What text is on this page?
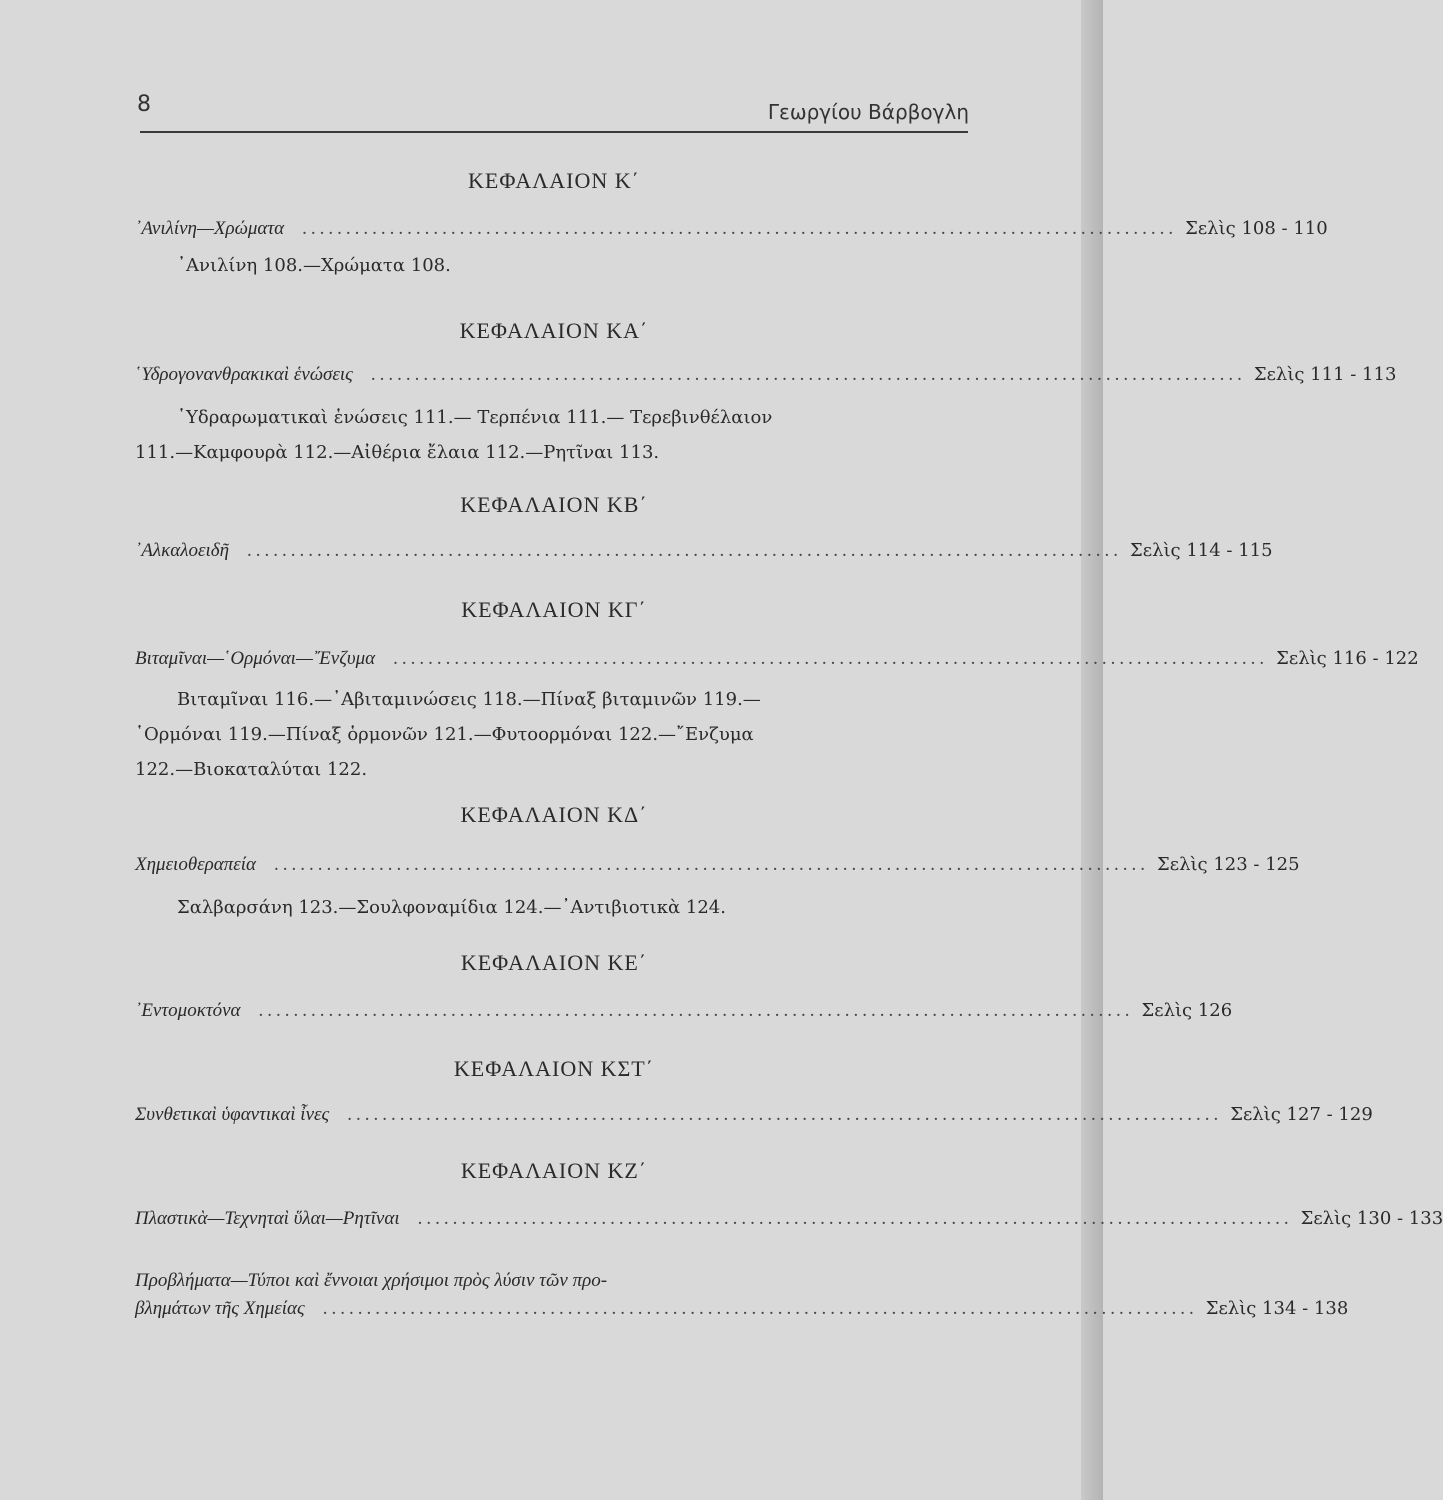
8	Γεωργίου Βάρβογλη
ΚΕΦΑΛΑΙΟΝ Κ΄
᾿Ανιλίνη—Χρώματα .................................................................................................... Σελὶς 108 - 110
᾿Ανιλίνη 108.—Χρώματα 108.
ΚΕΦΑΛΑΙΟΝ ΚΑ΄
῾Υδρογονανθρακικαὶ ἑνώσεις .................................................................................................... Σελὶς 111 - 113
῾Υδραρωματικαὶ ἑνώσεις 111.— Τερπένια 111.— Τερεβινθέλαιον
111.—Καμφουρὰ 112.—Αἰθέρια ἔλαια 112.—Ρητῖναι 113.
ΚΕΦΑΛΑΙΟΝ ΚΒ΄
᾿Αλκαλοειδῆ .................................................................................................... Σελὶς 114 - 115
ΚΕΦΑΛΑΙΟΝ ΚΓ΄
Βιταμῖναι—῾Ορμόναι—῎Ενζυμα .................................................................................................... Σελὶς 116 - 122
Βιταμῖναι 116.—᾿Αβιταμινώσεις 118.—Πίναξ βιταμινῶν 119.—
῾Ορμόναι 119.—Πίναξ ὁρμονῶν 121.—Φυτοορμόναι 122.—῎Ενζυμα
122.—Βιοκαταλύται 122.
ΚΕΦΑΛΑΙΟΝ ΚΔ΄
Χημειοθεραπεία .................................................................................................... Σελὶς 123 - 125
Σαλβαρσάνη 123.—Σουλφοναμίδια 124.—᾿Αντιβιοτικὰ 124.
ΚΕΦΑΛΑΙΟΝ ΚΕ΄
᾿Εντομοκτόνα .................................................................................................... Σελὶς 126
ΚΕΦΑΛΑΙΟΝ ΚΣΤ΄
Συνθετικαὶ ὑφαντικαὶ ἶνες .................................................................................................... Σελὶς 127 - 129
ΚΕΦΑΛΑΙΟΝ ΚΖ΄
Πλαστικὰ—Τεχνηταὶ ὕλαι—Ρητῖναι .................................................................................................... Σελὶς 130 - 133
Προβλήματα—Τύποι καὶ ἔννοιαι χρήσιμοι πρὸς λύσιν τῶν προ-
βλημάτων τῆς Χημείας .................................................................................................... Σελὶς 134 - 138
